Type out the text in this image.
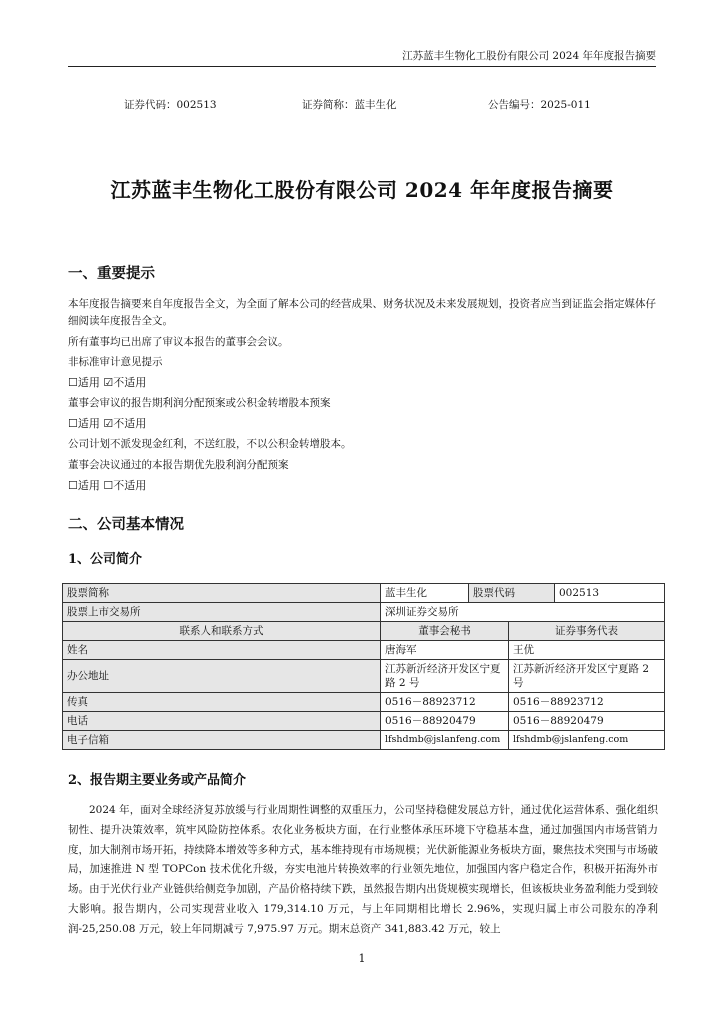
江苏蓝丰生物化工股份有限公司 2024 年年度报告摘要
证券代码：002513	证券简称：蓝丰生化	公告编号：2025-011
江苏蓝丰生物化工股份有限公司 2024 年年度报告摘要
一、重要提示
本年度报告摘要来自年度报告全文，为全面了解本公司的经营成果、财务状况及未来发展规划，投资者应当到证监会指定媒体仔细阅读年度报告全文。
所有董事均已出席了审议本报告的董事会会议。
非标准审计意见提示
☐适用 ☑不适用
董事会审议的报告期利润分配预案或公积金转增股本预案
☐适用 ☑不适用
公司计划不派发现金红利，不送红股，不以公积金转增股本。
董事会决议通过的本报告期优先股利润分配预案
☐适用 ☐不适用
二、公司基本情况
1、公司简介
股票简称	蓝丰生化	股票代码		002513
股票上市交易所	深圳证券交易所			
联系人和联系方式	董事会秘书		证券事务代表	
姓名	唐海军		王优	
办公地址	江苏新沂经济开发区宁夏路 2 号		江苏新沂经济开发区宁夏路 2 号	
传真	0516－88923712		0516－88923712	
电话	0516－88920479		0516－88920479	
电子信箱	lfshdmb@jslanfeng.com		lfshdmb@jslanfeng.com	
2、报告期主要业务或产品简介
2024 年，面对全球经济复苏放缓与行业周期性调整的双重压力，公司坚持稳健发展总方针，通过优化运营体系、强化组织韧性、提升决策效率，筑牢风险防控体系。农化业务板块方面，在行业整体承压环境下守稳基本盘，通过加强国内市场营销力度，加大制剂市场开拓，持续降本增效等多种方式，基本维持现有市场规模；光伏新能源业务板块方面，聚焦技术突围与市场破局，加速推进 N 型 TOPCon 技术优化升级，夯实电池片转换效率的行业领先地位，加强国内客户稳定合作，积极开拓海外市场。由于光伏行业产业链供给侧竞争加剧，产品价格持续下跌，虽然报告期内出货规模实现增长，但该板块业务盈利能力受到较大影响。报告期内，公司实现营业收入 179,314.10 万元，与上年同期相比增长 2.96%，实现归属上市公司股东的净利润-25,250.08 万元，较上年同期减亏 7,975.97 万元。期末总资产 341,883.42 万元，较上
1
